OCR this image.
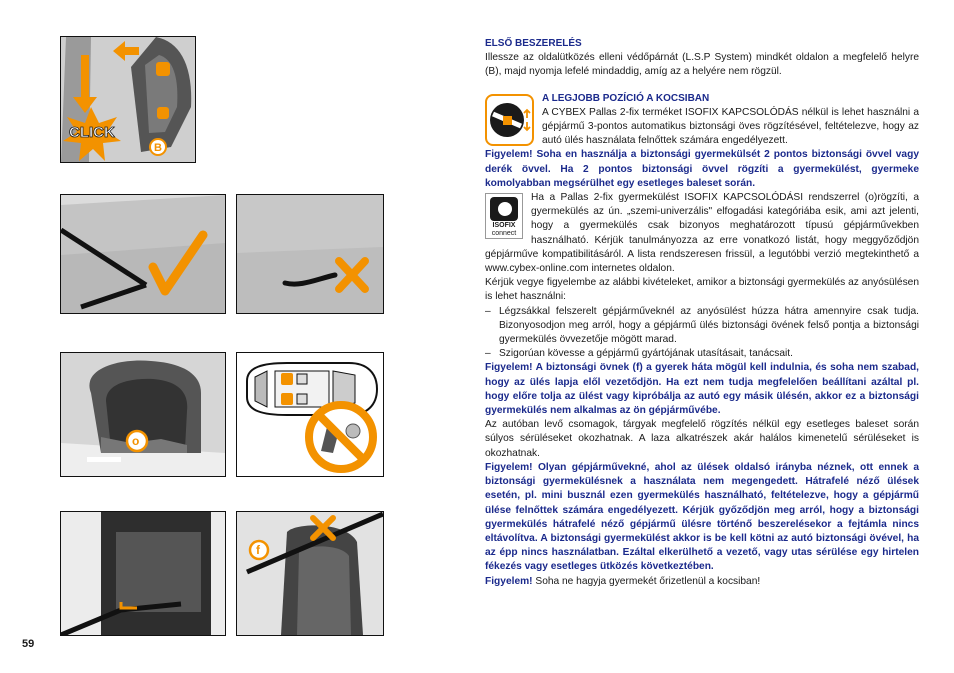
CLICK
B
o
f
59

ELSŐ BESZERELÉS

Illessze az oldalütközés elleni védőpárnát (L.S.P System) mindkét oldalon a megfelelő helyre (B), majd nyomja lefelé mindaddig, amíg az a helyére nem rögzül.

A LEGJOBB POZÍCIÓ A KOCSIBAN

A CYBEX Pallas 2-fix terméket ISOFIX KAPCSOLÓDÁS nélkül is lehet használni a gépjármű 3-pontos automatikus biztonsági öves rögzítésével, feltételezve, hogy az autó ülés használata felnőttek számára engedélyezett.

Figyelem! Soha en használja a biztonsági gyermekülsét 2 pontos biztonsági övvel vagy derék övvel. Ha 2 pontos biztonsági övvel rögzíti a gyermekülést, gyermeke komolyabban megsérülhet egy esetleges baleset során.

ISOFIX
connect
Ha a Pallas 2-fix gyermekülést ISOFIX KAPCSOLÓDÁSI rendszerrel (o)rögzíti, a gyermekülés az ún. „szemi-univerzális" elfogadási kategóriába esik, ami azt jelenti, hogy a gyermekülés csak bizonyos meghatározott típusú gépjárművekben használható. Kérjük tanulmányozza az erre vonatkozó listát, hogy meggyőződjön gépjárműve kompatibilitásáról. A lista rendszeresen frissül, a legutóbbi verzió megtekinthető a www.cybex-online.com internetes oldalon.

Kérjük vegye figyelembe az alábbi kivételeket, amikor a biztonsági gyermekülés az anyósülésen is lehet használni:

– Légzsákkal felszerelt gépjárműveknél az anyósülést húzza hátra amennyire csak tudja. Bizonyosodjon meg arról, hogy a gépjármű ülés biztonsági övének felső pontja a biztonsági gyermekülés övvezetője mögött marad.
– Szigorúan kövesse a gépjármű gyártójának utasításait, tanácsait.

Figyelem! A biztonsági övnek (f) a gyerek háta mögül kell indulnia, és soha nem szabad, hogy az ülés lapja elől vezetődjön. Ha ezt nem tudja megfelelően beállítani azáltal pl. hogy előre tolja az ülést vagy kipróbálja az autó egy másik ülésén, akkor ez a biztonsági gyermekülés nem alkalmas az ön gépjárművébe.

Az autóban levő csomagok, tárgyak megfelelő rögzítés nélkül egy esetleges baleset során súlyos sérüléseket okozhatnak. A laza alkatrészek akár halálos kimenetelű sérüléseket is okozhatnak.

Figyelem! Olyan gépjárművekné, ahol az ülések oldalsó irányba néznek, ott ennek a biztonsági gyermekülésnek a használata nem megengedett. Hátrafelé néző ülések esetén, pl. mini busznál ezen gyermekülés használható, feltételezve, hogy a gépjármű ülése felnőttek számára engedélyezett. Kérjük győződjön meg arról, hogy a biztonsági gyermekülés hátrafelé néző gépjármű ülésre történő beszerelésekor a fejtámla nincs eltávolítva. A biztonsági gyermekülést akkor is be kell kötni az autó biztonsági övével, ha az épp nincs használatban. Ezáltal elkerülhető a vezető, vagy utas sérülése egy hirtelen fékezés vagy esetleges ütközés következtében.

Figyelem! Soha ne hagyja gyermekét őrizetlenül a kocsiban!
